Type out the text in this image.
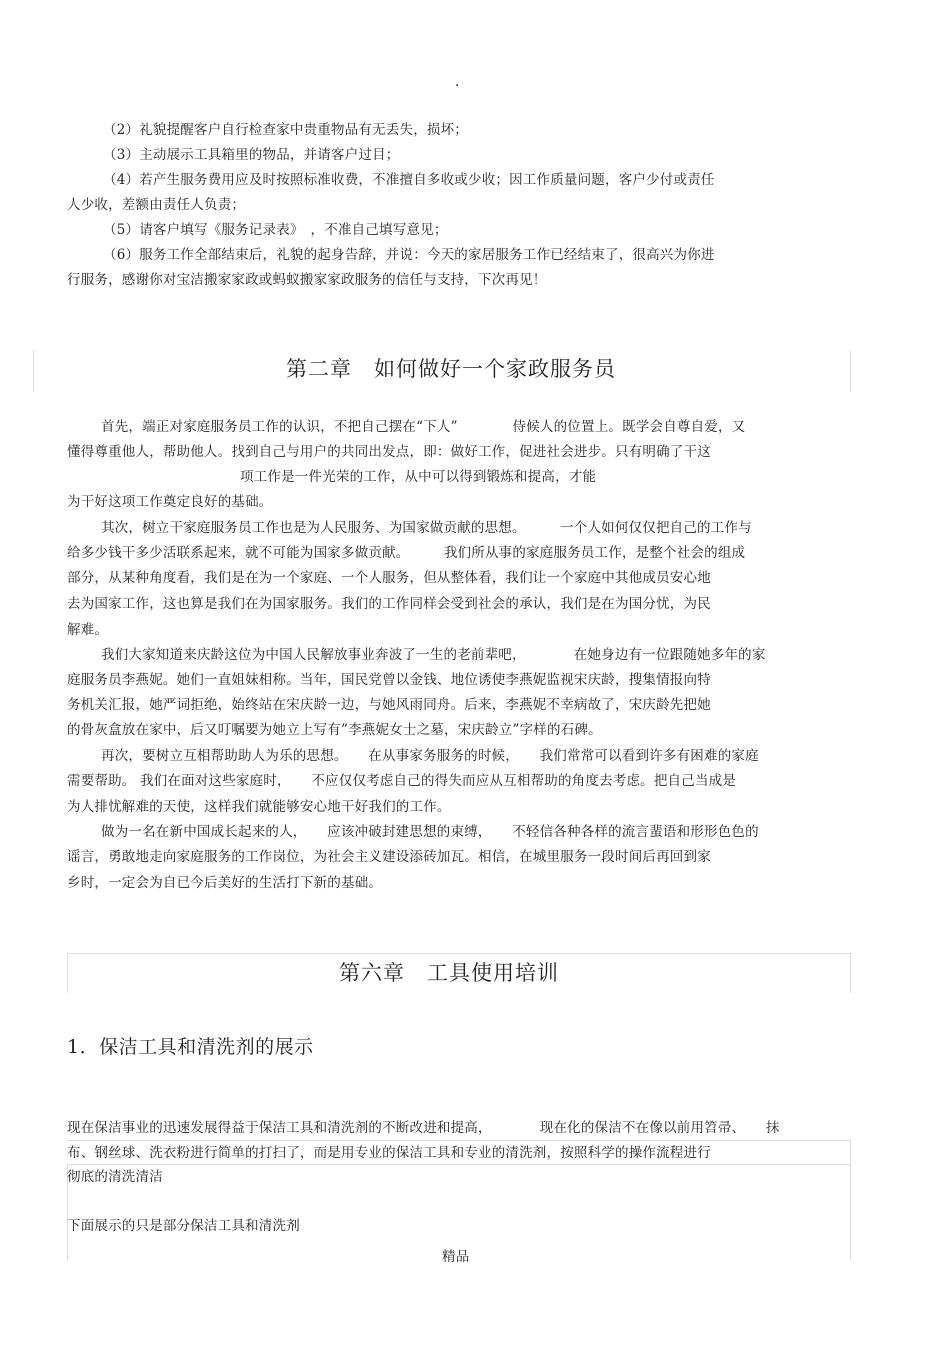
.
（2）礼貌提醒客户自行检查家中贵重物品有无丢失，损坏；
（3）主动展示工具箱里的物品，并请客户过目；
（4）若产生服务费用应及时按照标准收费，不准擅自多收或少收；因工作质量问题，客户少付或责任
人少收，差额由责任人负责；
（5）请客户填写《服务记录表》　，不准自己填写意见；
（6）服务工作全部结束后，礼貌的起身告辞，并说：今天的家居服务工作已经结束了，很高兴为你进
行服务，感谢你对宝洁搬家家政或蚂蚁搬家家政服务的信任与支持，下次再见！
第二章　如何做好一个家政服务员
首先，端正对家庭服务员工作的认识，不把自己摆在“下人”　　　　侍候人的位置上。既学会自尊自爱，又
懂得尊重他人，帮助他人。找到自己与用户的共同出发点，即：做好工作，促进社会进步。只有明确了干这
项工作是一件光荣的工作，从中可以得到锻炼和提高，才能
为干好这项工作奠定良好的基础。
其次，树立干家庭服务员工作也是为人民服务、为国家做贡献的思想。　　　一个人如何仅仅把自己的工作与
给多少钱干多少活联系起来，就不可能为国家多做贡献。　　　我们所从事的家庭服务员工作，是整个社会的组成
部分，从某种角度看，我们是在为一个家庭、一个人服务，但从整体看，我们让一个家庭中其他成员安心地
去为国家工作，这也算是我们在为国家服务。我们的工作同样会受到社会的承认，我们是在为国分忧，为民
解难。
我们大家知道来庆龄这位为中国人民解放事业奔波了一生的老前辈吧，　　　　在她身边有一位跟随她多年的家
庭服务员李燕妮。她们一直姐妹相称。当年，国民党曾以金钱、地位诱使李燕妮监视宋庆龄，搜集情报向特
务机关汇报，她严词拒绝，始终站在宋庆龄一边，与她风雨同舟。后来，李燕妮不幸病故了，宋庆龄先把她
的骨灰盒放在家中，后又叮嘱要为她立上写有”李燕妮女士之墓，宋庆龄立”字样的石碑。
再次，要树立互相帮助助人为乐的思想。　　在从事家务服务的时候，　　我们常常可以看到许多有困难的家庭
需要帮助。 我们在面对这些家庭时，　　不应仅仅考虑自己的得失而应从互相帮助的角度去考虑。把自己当成是
为人排忧解难的天使，这样我们就能够安心地干好我们的工作。
做为一名在新中国成长起来的人，　　应该冲破封建思想的束缚，　　不轻信各种各样的流言蜚语和形形色色的
谣言，勇敢地走向家庭服务的工作岗位，为社会主义建设添砖加瓦。相信，在城里服务一段时间后再回到家
乡时，一定会为自已今后美好的生活打下新的基础。
第六章　工具使用培训
1．保洁工具和清洗剂的展示
现在保洁事业的迅速发展得益于保洁工具和清洗剂的不断改进和提高，　　　　现在化的保洁不在像以前用笤帚、　　抹
布、钢丝球、洗衣粉进行简单的打扫了，而是用专业的保洁工具和专业的清洗剂，按照科学的操作流程进行
彻底的清洗清洁
下面展示的只是部分保洁工具和清洗剂
精品
